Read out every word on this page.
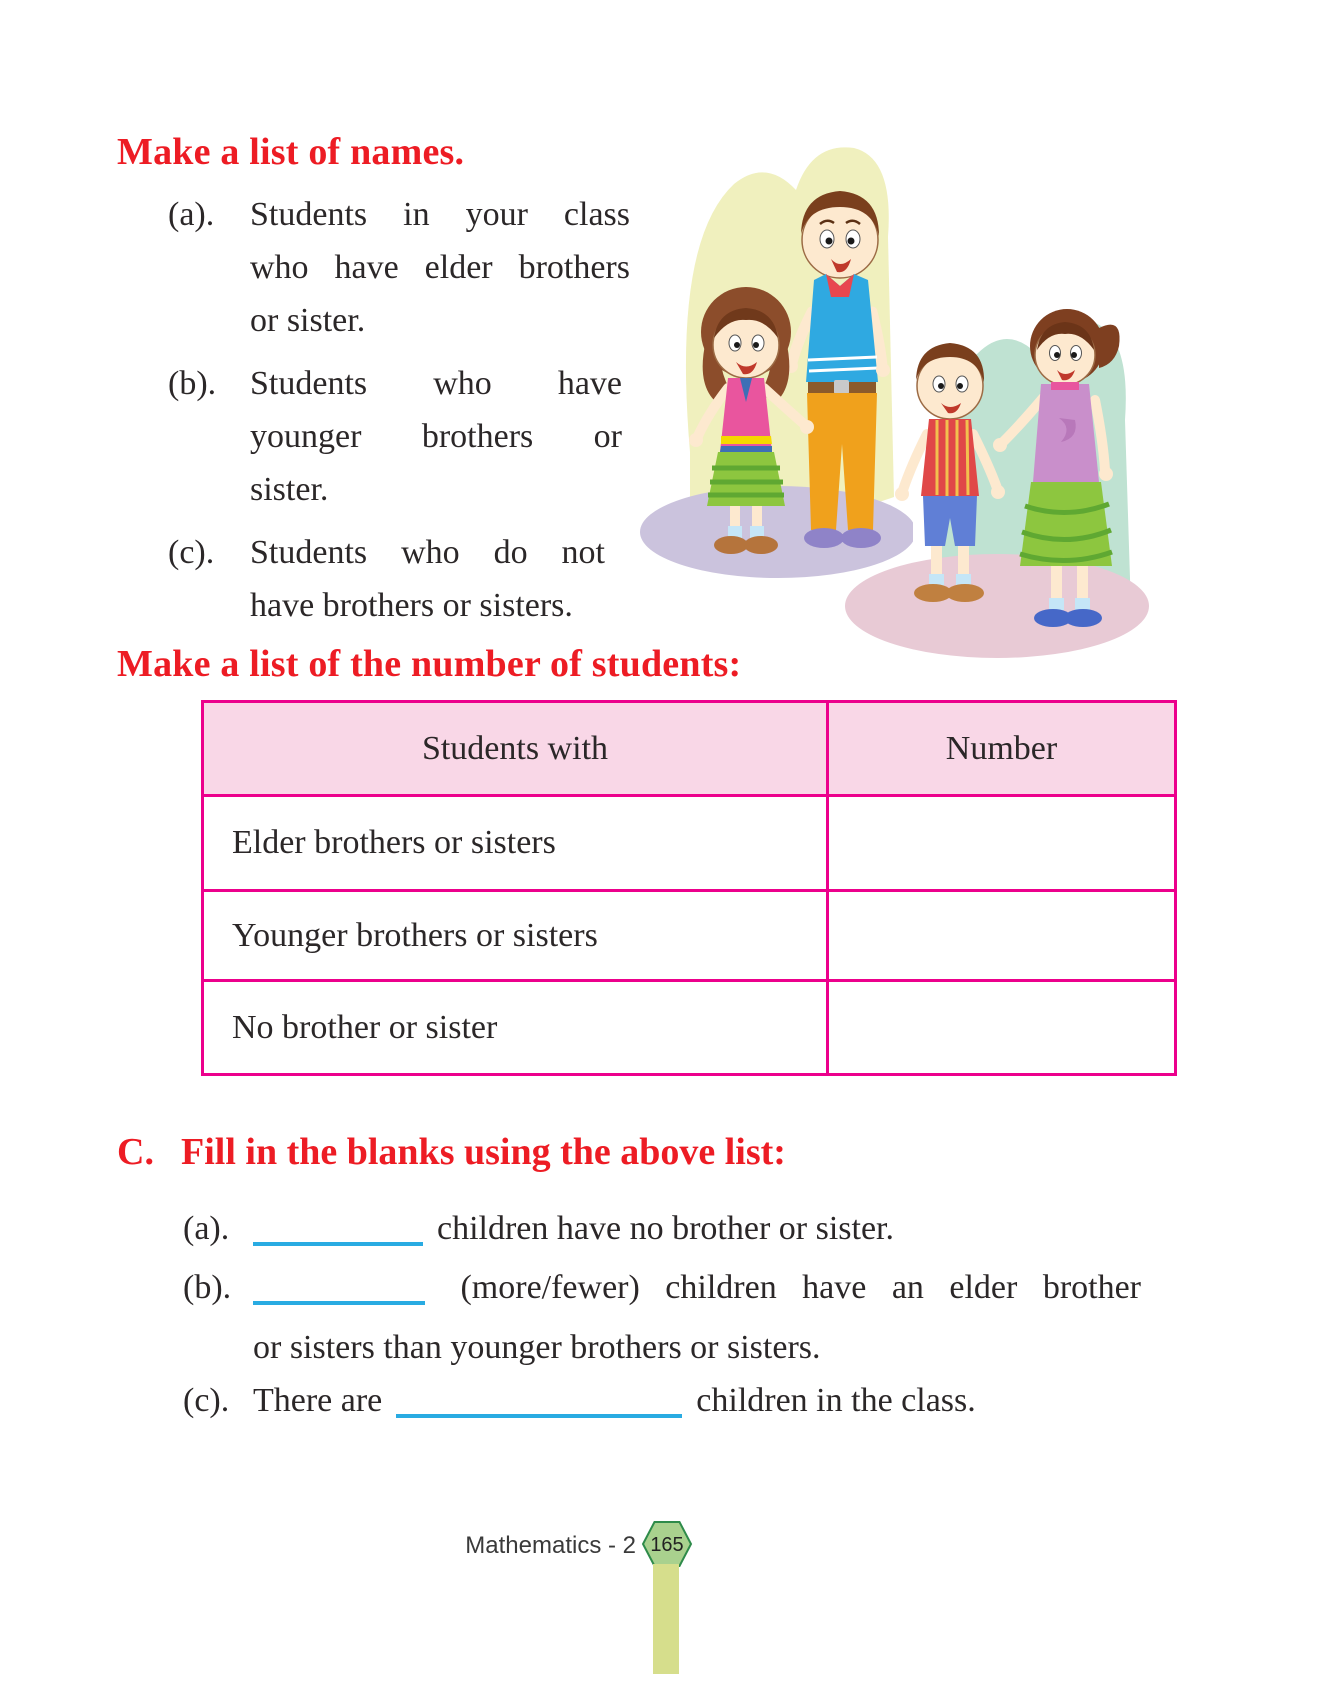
Make a list of names.
(a).	Students in your class
who have elder brothers
or sister.
(b). Students who have
younger brothers or
sister.
(c).	Students who do not
have brothers or sisters.
Make a list of the number of students:
Students with	Number
Elder brothers or sisters	
Younger brothers or sisters	
No brother or sister	
C. Fill in the blanks using the above list:
(a).	children have no brother or sister.
(b).	(more/fewer) children have an elder brother
or sisters than younger brothers or sisters.
(c). There are	children in the class.
Mathematics - 2 165
